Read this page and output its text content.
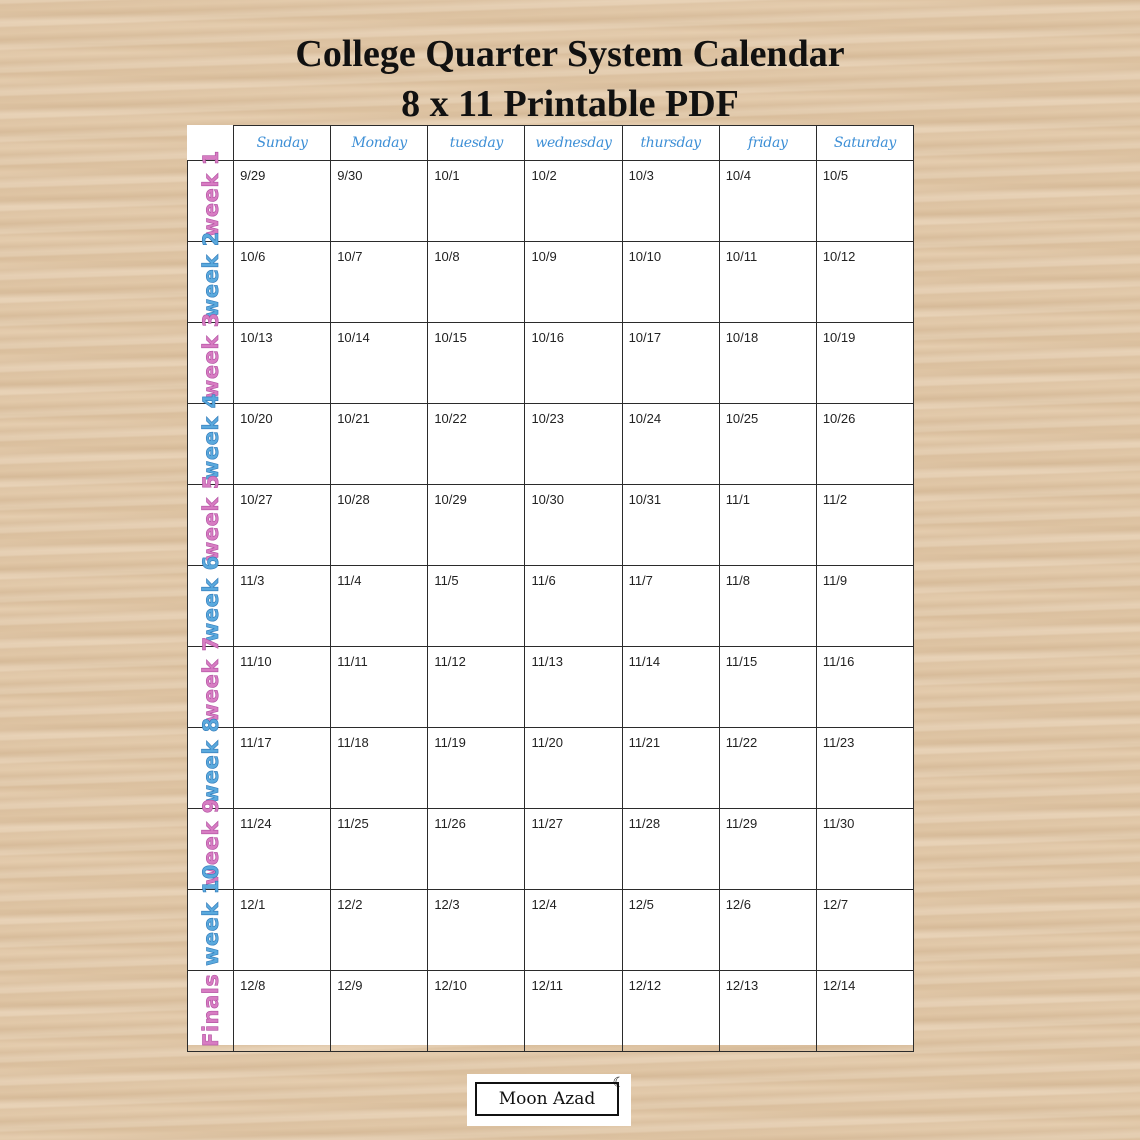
College Quarter System Calendar
8 x 11 Printable PDF
	Sunday	Monday	tuesday	wednesday	thursday	friday	Saturday

week 1	9/29	9/30	10/1	10/2	10/3	10/4	10/5

week 2	10/6	10/7	10/8	10/9	10/10	10/11	10/12

week 3	10/13	10/14	10/15	10/16	10/17	10/18	10/19

week 4	10/20	10/21	10/22	10/23	10/24	10/25	10/26

week 5	10/27	10/28	10/29	10/30	10/31	11/1	11/2

week 6	11/3	11/4	11/5	11/6	11/7	11/8	11/9

week 7	11/10	11/11	11/12	11/13	11/14	11/15	11/16

week 8	11/17	11/18	11/19	11/20	11/21	11/22	11/23

week 9	11/24	11/25	11/26	11/27	11/28	11/29	11/30

week 10	12/1	12/2	12/3	12/4	12/5	12/6	12/7

Finals	12/8	12/9	12/10	12/11	12/12	12/13	12/14
Moon Azad
☾
